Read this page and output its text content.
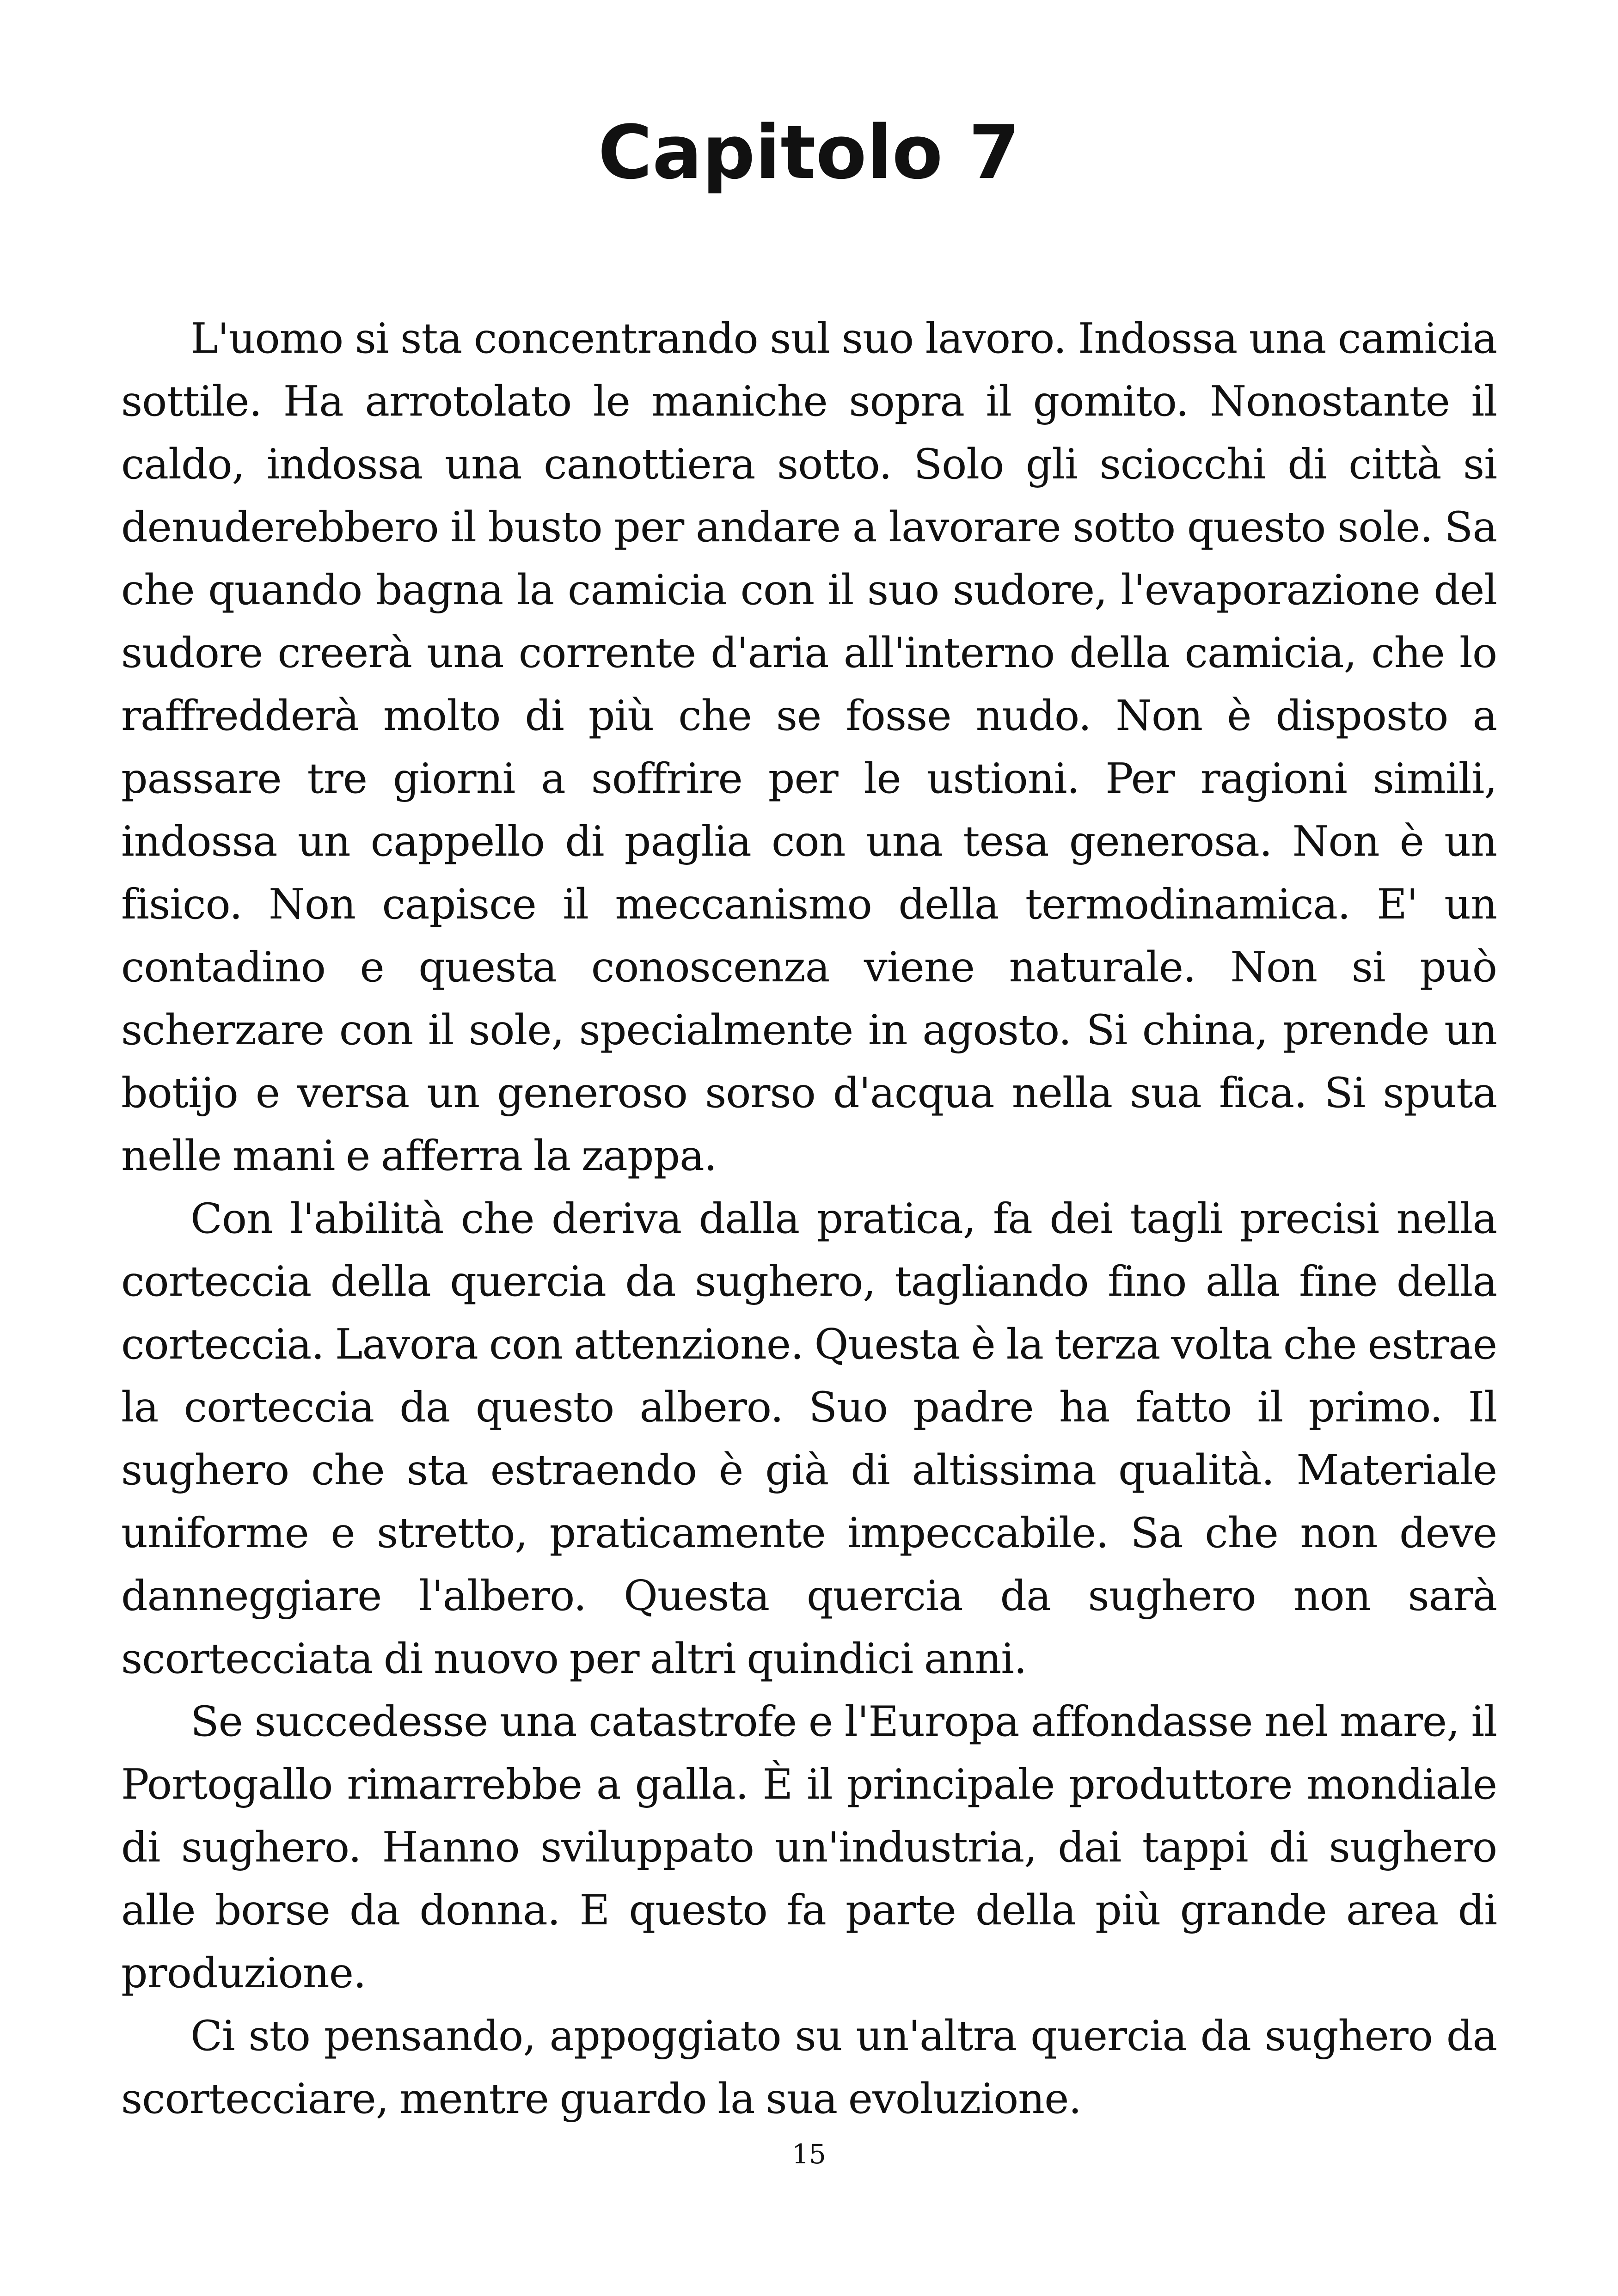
Capitolo 7

L'uomo si sta concentrando sul suo lavoro. Indossa una camicia sottile. Ha arrotolato le maniche sopra il gomito. Nonostante il caldo, indossa una canottiera sotto. Solo gli sciocchi di città si denuderebbero il busto per andare a lavorare sotto questo sole. Sa che quando bagna la camicia con il suo sudore, l'evaporazione del sudore creerà una corrente d'aria all'interno della camicia, che lo raffredderà molto di più che se fosse nudo. Non è disposto a passare tre giorni a soffrire per le ustioni. Per ragioni simili, indossa un cappello di paglia con una tesa generosa. Non è un fisico. Non capisce il meccanismo della termodinamica. E' un contadino e questa conoscenza viene naturale. Non si può scherzare con il sole, specialmente in agosto. Si china, prende un botijo e versa un generoso sorso d'acqua nella sua fica. Si sputa nelle mani e afferra la zappa.

Con l'abilità che deriva dalla pratica, fa dei tagli precisi nella corteccia della quercia da sughero, tagliando fino alla fine della corteccia. Lavora con attenzione. Questa è la terza volta che estrae la corteccia da questo albero. Suo padre ha fatto il primo. Il sughero che sta estraendo è già di altissima qualità. Materiale uniforme e stretto, praticamente impeccabile. Sa che non deve danneggiare l'albero. Questa quercia da sughero non sarà scortecciata di nuovo per altri quindici anni.

Se succedesse una catastrofe e l'Europa affondasse nel mare, il Portogallo rimarrebbe a galla. È il principale produttore mondiale di sughero. Hanno sviluppato un'industria, dai tappi di sughero alle borse da donna. E questo fa parte della più grande area di produzione.

Ci sto pensando, appoggiato su un'altra quercia da sughero da scortecciare, mentre guardo la sua evoluzione.

15
